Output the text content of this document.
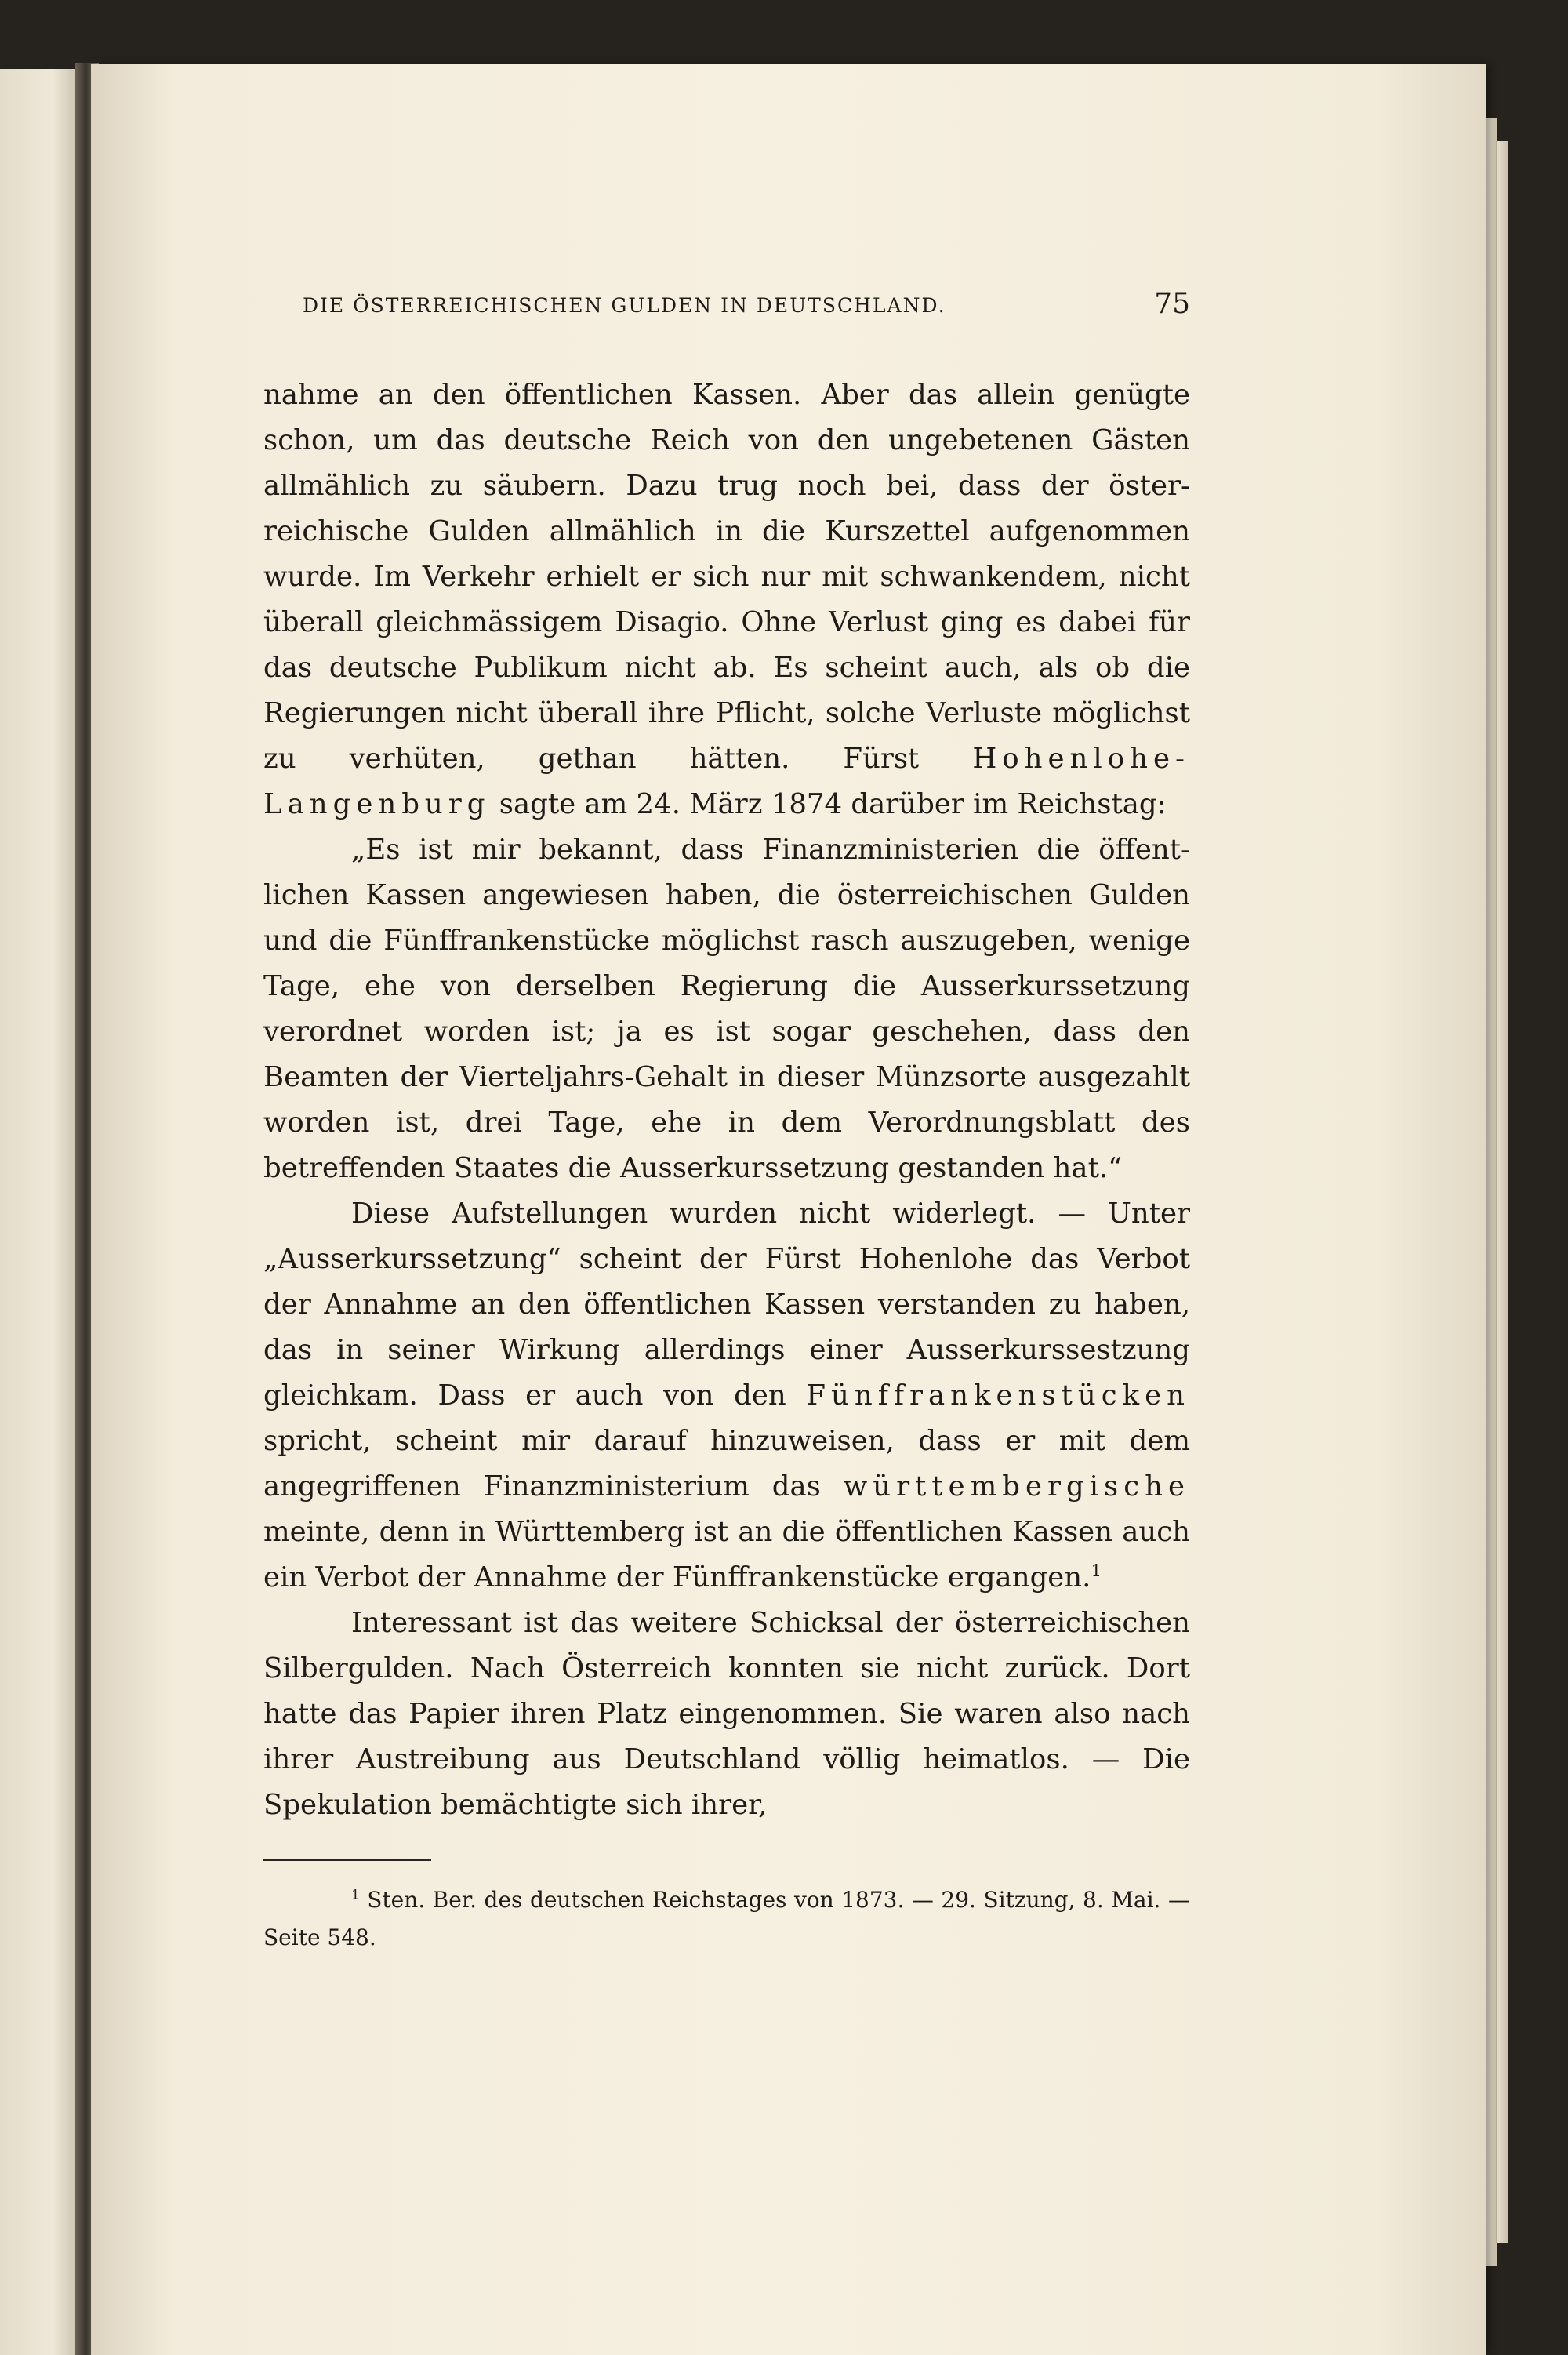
DIE ÖSTERREICHISCHEN GULDEN IN DEUTSCHLAND.	75

nahme an den öffentlichen Kassen. Aber das allein genügte schon, um das deutsche Reich von den ungebetenen Gästen allmählich zu säubern. Dazu trug noch bei, dass der österreichische Gulden allmählich in die Kurszettel aufgenommen wurde. Im Verkehr erhielt er sich nur mit schwankendem, nicht überall gleichmässigem Disagio. Ohne Verlust ging es dabei für das deutsche Publikum nicht ab. Es scheint auch, als ob die Regierungen nicht überall ihre Pflicht, solche Verluste möglichst zu verhüten, gethan hätten. Fürst Hohenlohe-Langenburg sagte am 24. März 1874 darüber im Reichstag:

„Es ist mir bekannt, dass Finanzministerien die öffentlichen Kassen angewiesen haben, die österreichischen Gulden und die Fünffrankenstücke möglichst rasch auszugeben, wenige Tage, ehe von derselben Regierung die Ausserkurssetzung verordnet worden ist; ja es ist sogar geschehen, dass den Beamten der Vierteljahrs-Gehalt in dieser Münzsorte ausgezahlt worden ist, drei Tage, ehe in dem Verordnungsblatt des betreffenden Staates die Ausserkurssetzung gestanden hat.“

Diese Aufstellungen wurden nicht widerlegt. — Unter „Ausserkurssetzung“ scheint der Fürst Hohenlohe das Verbot der Annahme an den öffentlichen Kassen verstanden zu haben, das in seiner Wirkung allerdings einer Ausserkurssestzung gleichkam. Dass er auch von den Fünffrankenstücken spricht, scheint mir darauf hinzuweisen, dass er mit dem angegriffenen Finanzministerium das württembergische meinte, denn in Württemberg ist an die öffentlichen Kassen auch ein Verbot der Annahme der Fünffrankenstücke ergangen.$^1$

Interessant ist das weitere Schicksal der österreichischen Silbergulden. Nach Österreich konnten sie nicht zurück. Dort hatte das Papier ihren Platz eingenommen. Sie waren also nach ihrer Austreibung aus Deutschland völlig heimatlos. — Die Spekulation bemächtigte sich ihrer,

$^1$ Sten. Ber. des deutschen Reichstages von 1873. — 29. Sitzung, 8. Mai. — Seite 548.
